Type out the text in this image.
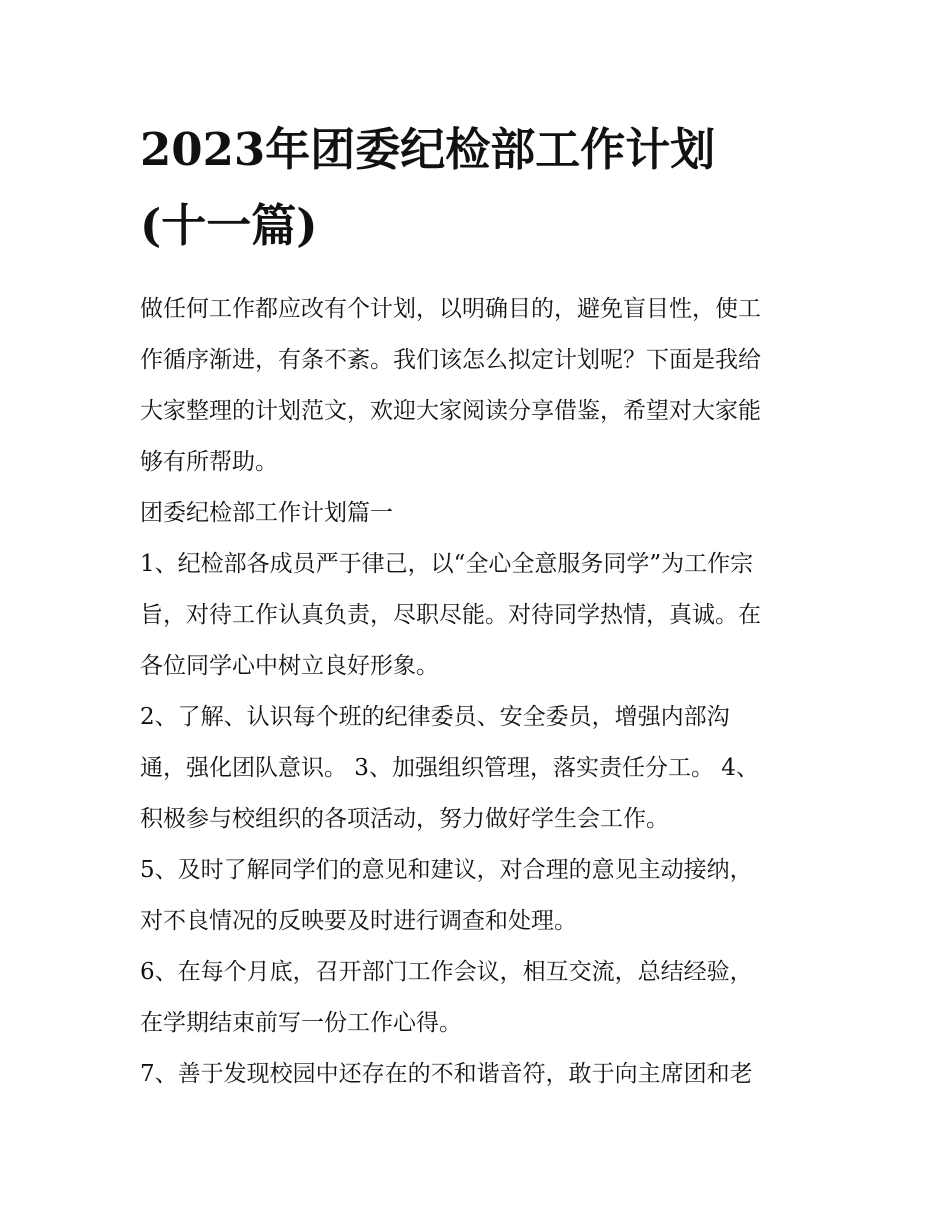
2023年团委纪检部工作计划
(十一篇)

做任何工作都应改有个计划，以明确目的，避免盲目性，使工
作循序渐进，有条不紊。我们该怎么拟定计划呢？下面是我给
大家整理的计划范文，欢迎大家阅读分享借鉴，希望对大家能
够有所帮助。

团委纪检部工作计划篇一

1、纪检部各成员严于律己，以“全心全意服务同学”为工作宗
旨，对待工作认真负责，尽职尽能。对待同学热情，真诚。在
各位同学心中树立良好形象。

2、了解、认识每个班的纪律委员、安全委员，增强内部沟
通，强化团队意识。 3、加强组织管理，落实责任分工。 4、
积极参与校组织的各项活动，努力做好学生会工作。

5、及时了解同学们的意见和建议，对合理的意见主动接纳，
对不良情况的反映要及时进行调查和处理。

6、在每个月底，召开部门工作会议，相互交流，总结经验，
在学期结束前写一份工作心得。

7、善于发现校园中还存在的不和谐音符，敢于向主席团和老
